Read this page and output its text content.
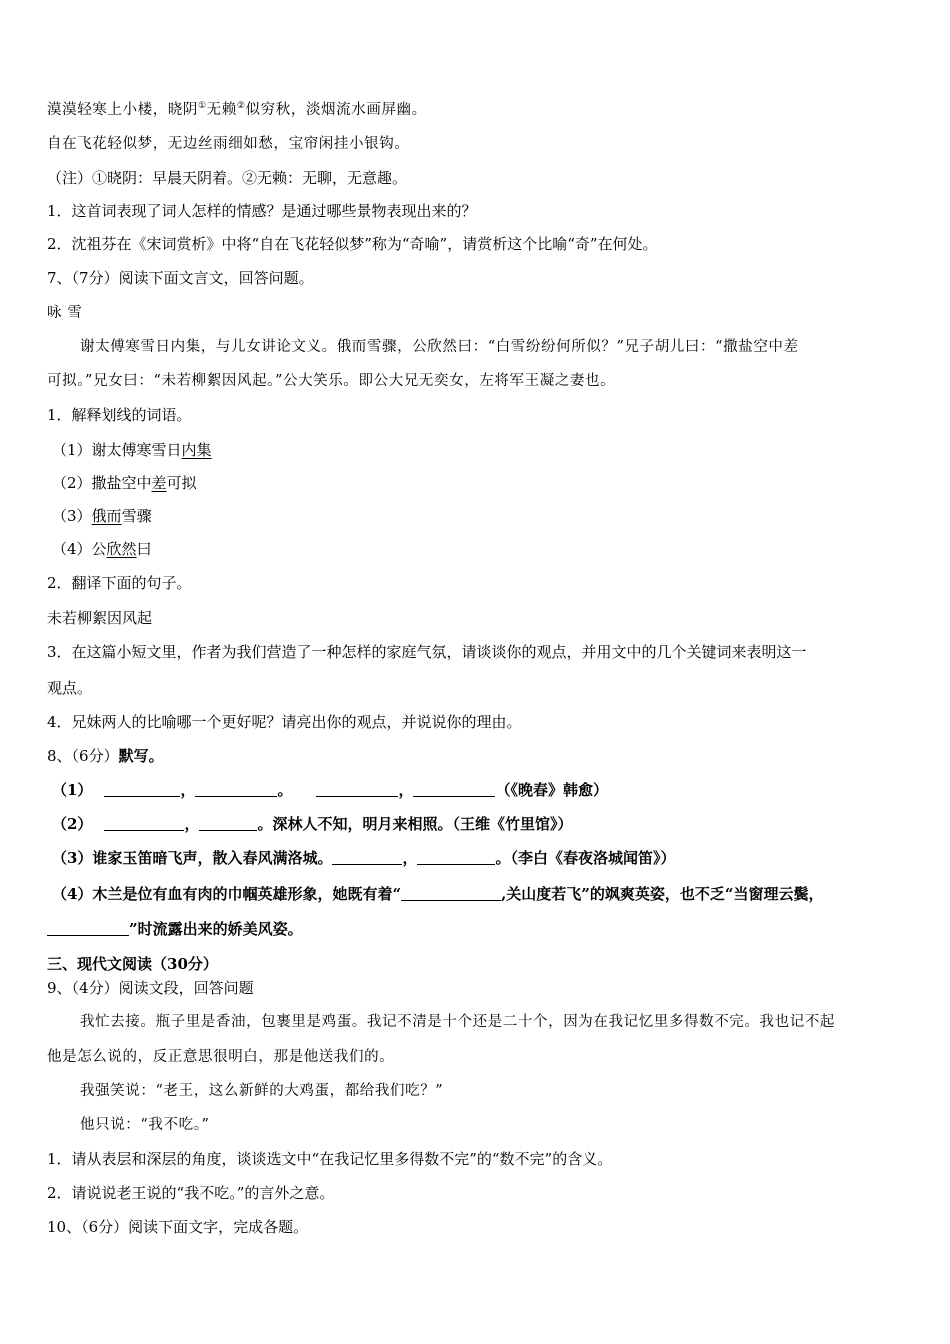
漠漠轻寒上小楼，晓阴①无赖②似穷秋，淡烟流水画屏幽。
自在飞花轻似梦，无边丝雨细如愁，宝帘闲挂小银钩。
（注）①晓阴：早晨天阴着。②无赖：无聊，无意趣。
1．这首词表现了词人怎样的情感？是通过哪些景物表现出来的？
2．沈祖芬在《宋词赏析》中将“自在飞花轻似梦”称为“奇喻”，请赏析这个比喻“奇”在何处。
7、（7分）阅读下面文言文，回答问题。
咏 雪
谢太傅寒雪日内集，与儿女讲论文义。俄而雪骤，公欣然曰：“白雪纷纷何所似？”兄子胡儿曰：“撒盐空中差
可拟。”兄女曰：“未若柳絮因风起。”公大笑乐。即公大兄无奕女，左将军王凝之妻也。
1．解释划线的词语。
（1）谢太傅寒雪日内集
（2）撒盐空中差可拟
（3）俄而雪骤
（4）公欣然曰
2．翻译下面的句子。
未若柳絮因风起
3．在这篇小短文里，作者为我们营造了一种怎样的家庭气氛，请谈谈你的观点，并用文中的几个关键词来表明这一
观点。
4．兄妹两人的比喻哪一个更好呢？请亮出你的观点，并说说你的理由。
8、（6分）默写。
（1）	，	。	，	（《晚春》韩愈）
（2）	，	。深林人不知，明月来相照。（王维《竹里馆》）
（3）谁家玉笛暗飞声，散入春风满洛城。	，	。（李白《春夜洛城闻笛》）
（4）木兰是位有血有肉的巾帼英雄形象，她既有着“	,关山度若飞”的飒爽英姿，也不乏“当窗理云鬓，
”时流露出来的娇美风姿。
三、现代文阅读（30分）
9、（4分）阅读文段，回答问题
我忙去接。瓶子里是香油，包裹里是鸡蛋。我记不清是十个还是二十个，因为在我记忆里多得数不完。我也记不起
他是怎么说的，反正意思很明白，那是他送我们的。
我强笑说：“老王，这么新鲜的大鸡蛋，都给我们吃？”
他只说：“我不吃。”
1．请从表层和深层的角度，谈谈选文中“在我记忆里多得数不完”的“数不完”的含义。
2．请说说老王说的“我不吃。”的言外之意。
10、（6分）阅读下面文字，完成各题。
